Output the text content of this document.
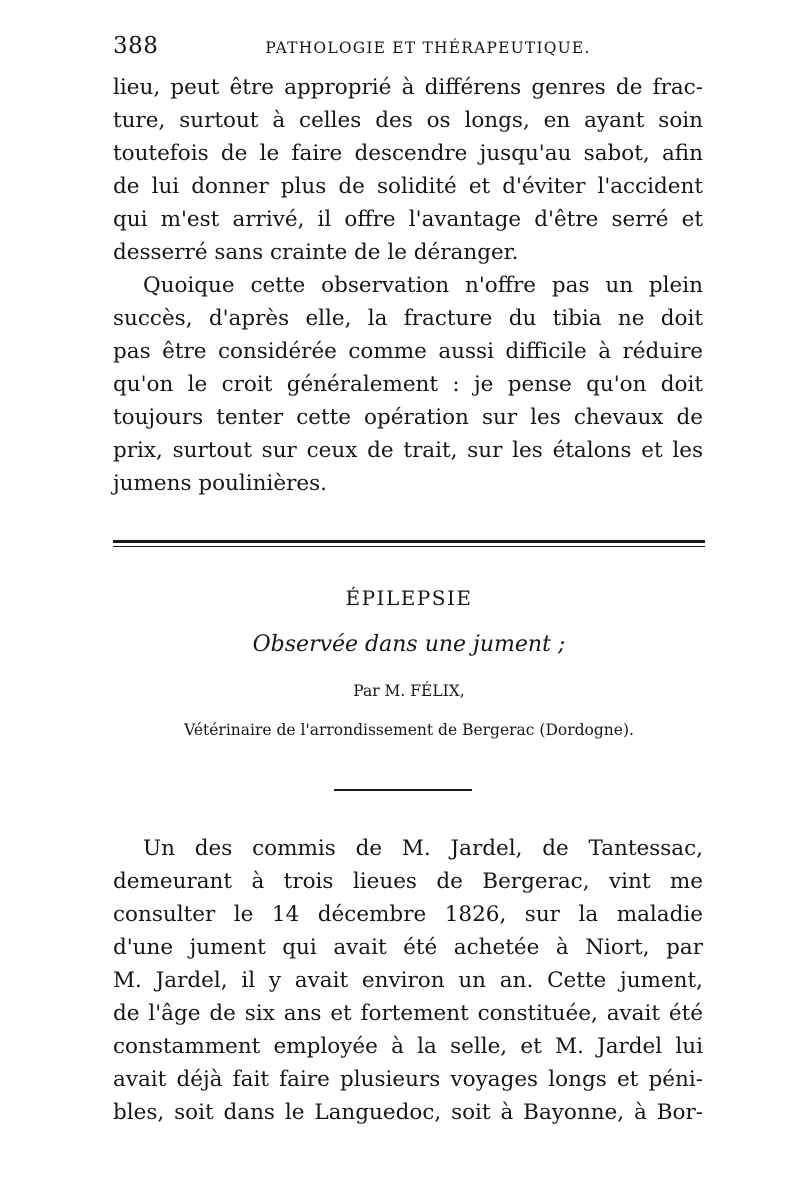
388	PATHOLOGIE ET THÉRAPEUTIQUE.
lieu, peut être approprié à différens genres de frac-
ture, surtout à celles des os longs, en ayant soin
toutefois de le faire descendre jusqu'au sabot, afin
de lui donner plus de solidité et d'éviter l'accident
qui m'est arrivé, il offre l'avantage d'être serré et
desserré sans crainte de le déranger.
Quoique cette observation n'offre pas un plein
succès, d'après elle, la fracture du tibia ne doit
pas être considérée comme aussi difficile à réduire
qu'on le croit généralement : je pense qu'on doit
toujours tenter cette opération sur les chevaux de
prix, surtout sur ceux de trait, sur les étalons et les
jumens poulinières.
ÉPILEPSIE
Observée dans une jument ;
Par M. FÉLIX,
Vétérinaire de l'arrondissement de Bergerac (Dordogne).
Un des commis de M. Jardel, de Tantessac,
demeurant à trois lieues de Bergerac, vint me
consulter le 14 décembre 1826, sur la maladie
d'une jument qui avait été achetée à Niort, par
M. Jardel, il y avait environ un an. Cette jument,
de l'âge de six ans et fortement constituée, avait été
constamment employée à la selle, et M. Jardel lui
avait déjà fait faire plusieurs voyages longs et péni-
bles, soit dans le Languedoc, soit à Bayonne, à Bor-
